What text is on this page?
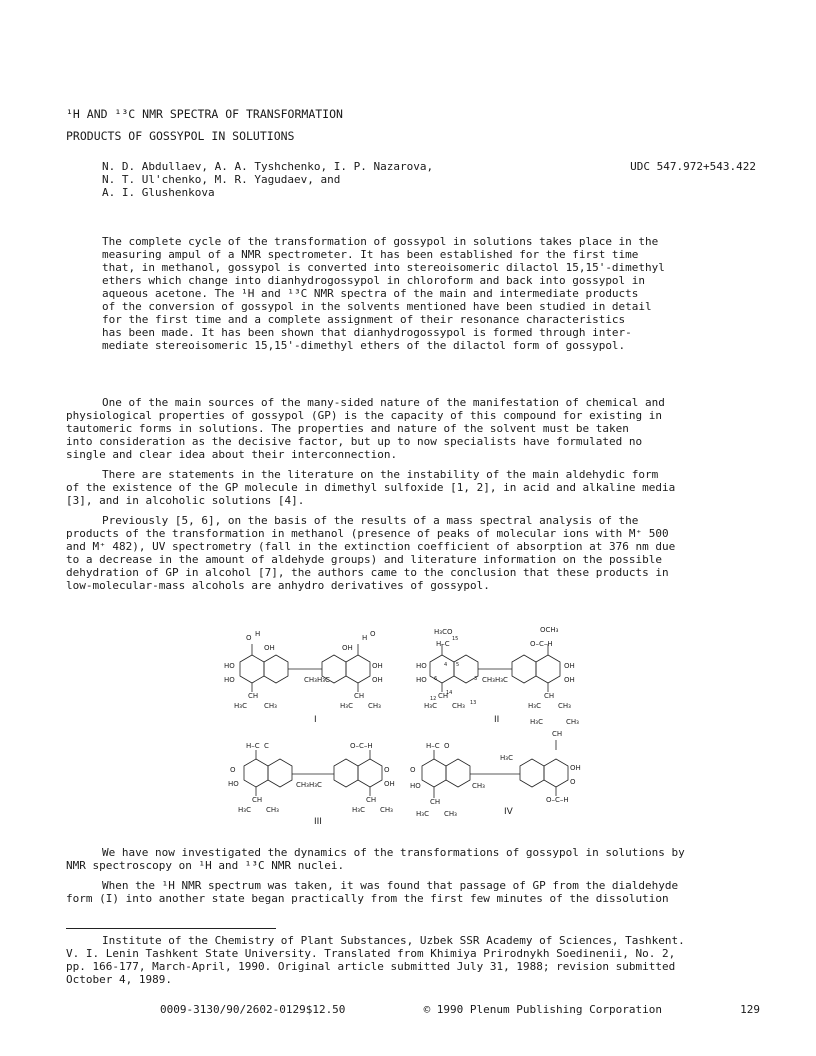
¹H AND ¹³C NMR SPECTRA OF TRANSFORMATION
PRODUCTS OF GOSSYPOL IN SOLUTIONS
N. D. Abdullaev, A. A. Tyshchenko, I. P. Nazarova,
N. T. Ul'chenko, M. R. Yagudaev, and
A. I. Glushenkova
UDC 547.972+543.422
The complete cycle of the transformation of gossypol in solutions takes place in the
measuring ampul of a NMR spectrometer. It has been established for the first time
that, in methanol, gossypol is converted into stereoisomeric dilactol 15,15'-dimethyl
ethers which change into dianhydrogossypol in chloroform and back into gossypol in
aqueous acetone. The ¹H and ¹³C NMR spectra of the main and intermediate products
of the conversion of gossypol in the solvents mentioned have been studied in detail
for the first time and a complete assignment of their resonance characteristics
has been made. It has been shown that dianhydrogossypol is formed through inter-
mediate stereoisomeric 15,15'-dimethyl ethers of the dilactol form of gossypol.
One of the main sources of the many-sided nature of the manifestation of chemical and
physiological properties of gossypol (GP) is the capacity of this compound for existing in
tautomeric forms in solutions. The properties and nature of the solvent must be taken
into consideration as the decisive factor, but up to now specialists have formulated no
single and clear idea about their interconnection.
There are statements in the literature on the instability of the main aldehydic form
of the existence of the GP molecule in dimethyl sulfoxide [1, 2], in acid and alkaline media
[3], and in alcoholic solutions [4].
Previously [5, 6], on the basis of the results of a mass spectral analysis of the
products of the transformation in methanol (presence of peaks of molecular ions with M⁺ 500
and M⁺ 482), UV spectrometry (fall in the extinction coefficient of absorption at 376 nm due
to a decrease in the amount of aldehyde groups) and literature information on the possible
dehydration of GP in alcohol [7], the authors came to the conclusion that these products in
low-molecular-mass alcohols are anhydro derivatives of gossypol.
O H
OH
HO
HO
CH
H₃C CH₃
CH₃H₃C
OH
H O
OH
OH
CH
H₃C CH₃
I
H₃CO
H–C
15
OCH₃
O–C–H
HO
HO
OH
OH
4 5
3
6	CH₃H₃C
CH
14
12
H₃C CH₃ 13
CH
H₃C CH₃
II
H–C C	O–C–H
O
HO
O
OH
CH₃H₃C
CH
H₃C CH₃
CH
H₃C CH₃
III
H–C O
O
HO	CH₃
H₃C
H₃C
CH
CH₃
OH
O
O–C–H
CH
H₃C CH₃	IV
We have now investigated the dynamics of the transformations of gossypol in solutions by
NMR spectroscopy on ¹H and ¹³C NMR nuclei.
When the ¹H NMR spectrum was taken, it was found that passage of GP from the dialdehyde
form (I) into another state began practically from the first few minutes of the dissolution
Institute of the Chemistry of Plant Substances, Uzbek SSR Academy of Sciences, Tashkent.
V. I. Lenin Tashkent State University. Translated from Khimiya Prirodnykh Soedinenii, No. 2,
pp. 166-177, March-April, 1990. Original article submitted July 31, 1988; revision submitted
October 4, 1989.
0009-3130/90/2602-0129$12.50	© 1990 Plenum Publishing Corporation	129
